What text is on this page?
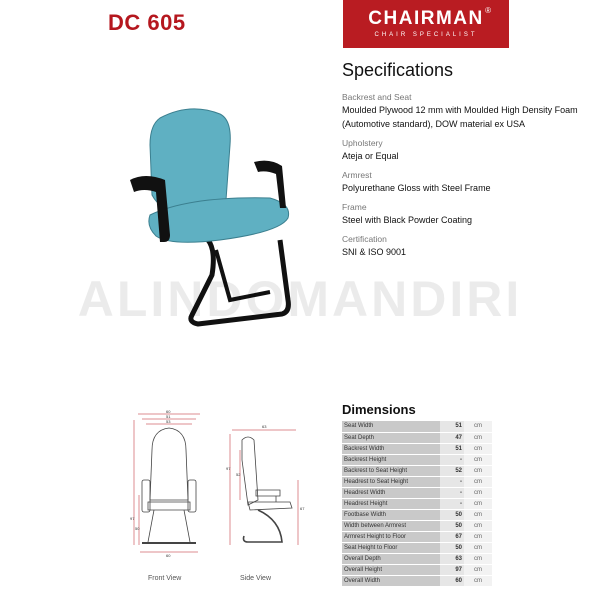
DC 605	CHAIRMAN ®
CHAIR SPECIALIST
ALINDOMANDIRI
Specifications
Backrest and Seat
Moulded Plywood 12 mm with Moulded High Density Foam (Automotive standard), DOW material ex USA
Upholstery
Ateja or Equal
Armrest
Polyurethane Gloss with Steel Frame
Frame
Steel with Black Powder Coating
Certification
SNI & ISO 9001
60
51
53
97
50
60
63
97
52
67
Front View	Side View
Dimensions
Seat Width	51	cm
Seat Depth	47	cm
Backrest Width	51	cm
Backrest Height	-	cm
Backrest to Seat Height	52	cm
Headrest to Seat Height	-	cm
Headrest Width	-	cm
Headrest Height	-	cm
Footbase Width	50	cm
Width between Armrest	50	cm
Armrest Height to Floor	67	cm
Seat Height to Floor	50	cm
Overall Depth	63	cm
Overall Height	97	cm
Overall Width	60	cm
